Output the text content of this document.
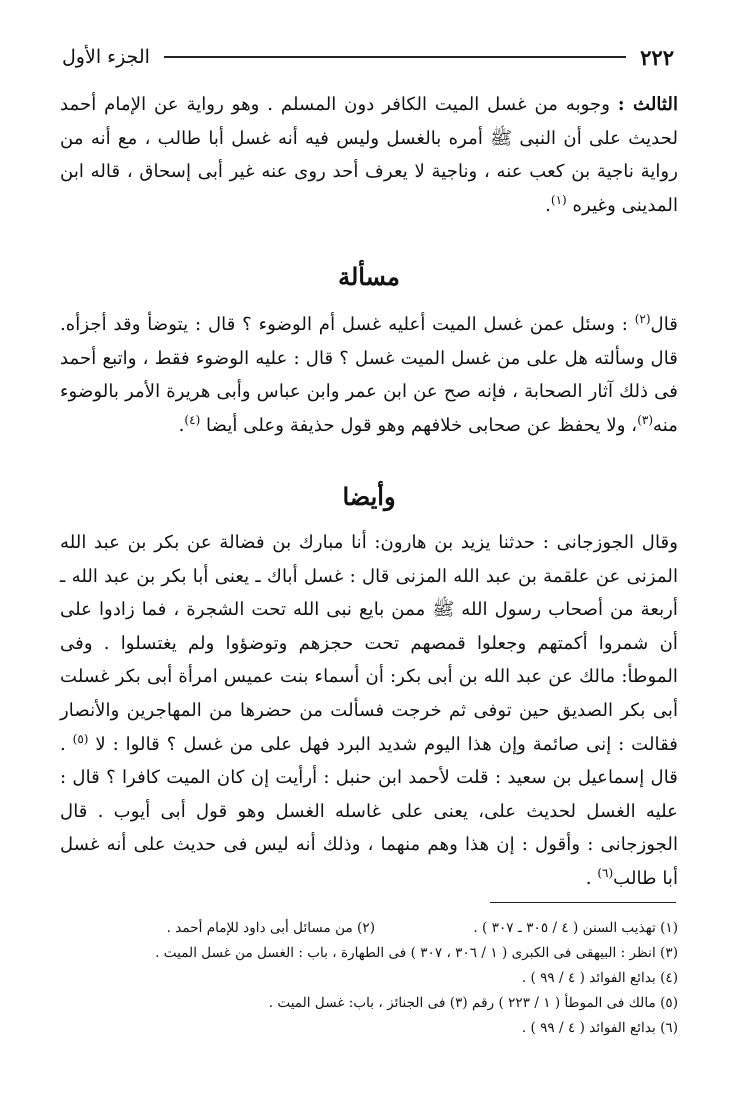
٢٢٢
الجزء الأول

الثالث : وجوبه من غسل الميت الكافر دون المسلم . وهو رواية عن الإمام أحمد لحديث على أن النبى ﷺ أمره بالغسل وليس فيه أنه غسل أبا طالب ، مع أنه من رواية ناجية بن كعب عنه ، وناجية لا يعرف أحد روى عنه غير أبى إسحاق ، قاله ابن المدينى وغيره $^{(١)}$.

مسألة

قال$^{(٢)}$ : وسئل عمن غسل الميت أعليه غسل أم الوضوء ؟ قال : يتوضأ وقد أجزأه. قال وسألته هل على من غسل الميت غسل ؟ قال : عليه الوضوء فقط ، واتبع أحمد فى ذلك آثار الصحابة ، فإنه صح عن ابن عمر وابن عباس وأبى هريرة الأمر بالوضوء منه$^{(٣)}$، ولا يحفظ عن صحابى خلافهم وهو قول حذيفة وعلى أيضا $^{(٤)}$.

وأيضا

وقال الجوزجانى : حدثنا يزيد بن هارون: أنا مبارك بن فضالة عن بكر بن عبد الله المزنى عن علقمة بن عبد الله المزنى قال : غسل أباك ـ يعنى أبا بكر بن عبد الله ـ أربعة من أصحاب رسول الله ﷺ ممن بايع نبى الله تحت الشجرة ، فما زادوا على أن شمروا أكمتهم وجعلوا قمصهم تحت حجزهم وتوضؤوا ولم يغتسلوا . وفى الموطأ: مالك عن عبد الله بن أبى بكر: أن أسماء بنت عميس امرأة أبى بكر غسلت أبى بكر الصديق حين توفى ثم خرجت فسألت من حضرها من المهاجرين والأنصار فقالت : إنى صائمة وإن هذا اليوم شديد البرد فهل على من غسل ؟ قالوا : لا $^{(٥)}$ . قال إسماعيل بن سعيد : قلت لأحمد ابن حنبل : أرأيت إن كان الميت كافرا ؟ قال : عليه الغسل لحديث على، يعنى على غاسله الغسل وهو قول أبى أيوب . قال الجوزجانى : وأقول : إن هذا وهم منهما ، وذلك أنه ليس فى حديث على أنه غسل أبا طالب$^{(٦)}$ .

(١) تهذيب السنن ( ٤ / ٣٠٥ ـ ٣٠٧ ) .

(٢) من مسائل أبى داود للإمام أحمد .

(٣) انظر : البيهقى فى الكبرى ( ١ / ٣٠٦ ، ٣٠٧ ) فى الطهارة ، باب : الغسل من غسل الميت .

(٤) بدائع الفوائد ( ٤ / ٩٩ ) .

(٥) مالك فى الموطأ ( ١ / ٢٢٣ ) رقم (٣) فى الجنائز ، باب: غسل الميت .

(٦) بدائع الفوائد ( ٤ / ٩٩ ) .
